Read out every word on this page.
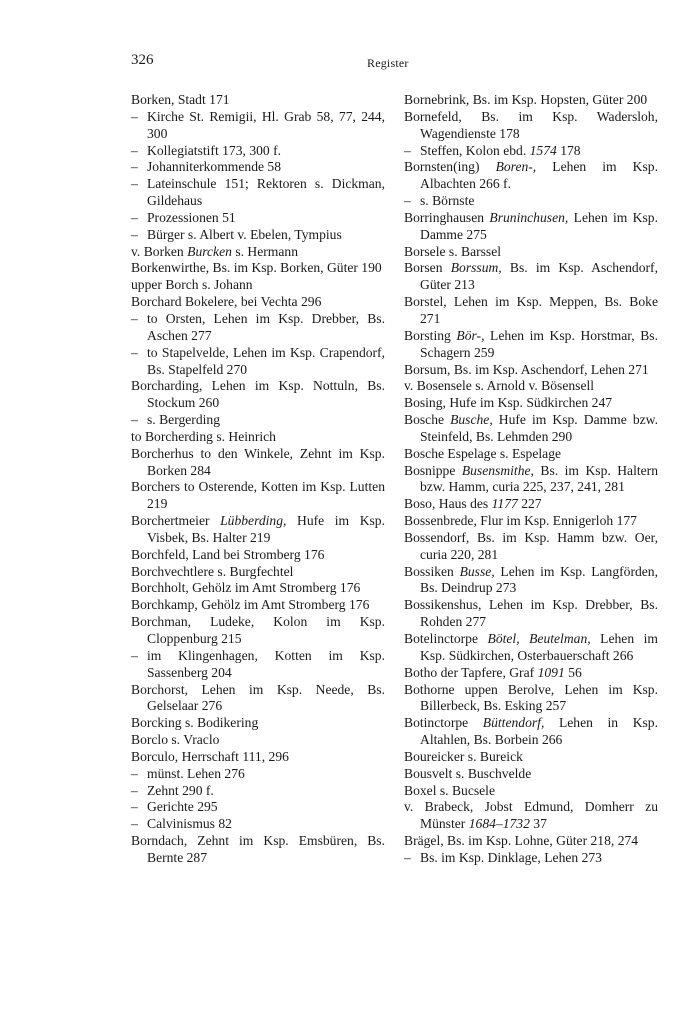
326	Register

Borken, Stadt 171

– Kirche St. Remigii, Hl. Grab 58, 77, 244, 300

– Kollegiatstift 173, 300 f.

– Johanniterkommende 58

– Lateinschule 151; Rektoren s. Dickman, Gildehaus

– Prozessionen 51

– Bürger s. Albert v. Ebelen, Tympius

v. Borken Burcken s. Hermann

Borkenwirthe, Bs. im Ksp. Borken, Güter 190

upper Borch s. Johann

Borchard Bokelere, bei Vechta 296

– to Orsten, Lehen im Ksp. Drebber, Bs. Aschen 277

– to Stapelvelde, Lehen im Ksp. Crapendorf, Bs. Stapelfeld 270

Borcharding, Lehen im Ksp. Nottuln, Bs. Stockum 260

– s. Bergerding

to Borcherding s. Heinrich

Borcherhus to den Winkele, Zehnt im Ksp. Borken 284

Borchers to Osterende, Kotten im Ksp. Lutten 219

Borchertmeier Lübberding, Hufe im Ksp. Visbek, Bs. Halter 219

Borchfeld, Land bei Stromberg 176

Borchvechtlere s. Burgfechtel

Borchholt, Gehölz im Amt Stromberg 176

Borchkamp, Gehölz im Amt Stromberg 176

Borchman, Ludeke, Kolon im Ksp. Cloppenburg 215

– im Klingenhagen, Kotten im Ksp. Sassenberg 204

Borchorst, Lehen im Ksp. Neede, Bs. Gelselaar 276

Borcking s. Bodikering

Borclo s. Vraclo

Borculo, Herrschaft 111, 296

– münst. Lehen 276

– Zehnt 290 f.

– Gerichte 295

– Calvinismus 82

Borndach, Zehnt im Ksp. Emsbüren, Bs. Bernte 287

Bornebrink, Bs. im Ksp. Hopsten, Güter 200

Bornefeld, Bs. im Ksp. Wadersloh, Wagendienste 178

– Steffen, Kolon ebd. 1574 178

Bornsten(ing) Boren-, Lehen im Ksp. Albachten 266 f.

– s. Börnste

Borringhausen Bruninchusen, Lehen im Ksp. Damme 275

Borsele s. Barssel

Borsen Borssum, Bs. im Ksp. Aschendorf, Güter 213

Borstel, Lehen im Ksp. Meppen, Bs. Boke 271

Borsting Bör-, Lehen im Ksp. Horstmar, Bs. Schagern 259

Borsum, Bs. im Ksp. Aschendorf, Lehen 271

v. Bosensele s. Arnold v. Bösensell

Bosing, Hufe im Ksp. Südkirchen 247

Bosche Busche, Hufe im Ksp. Damme bzw. Steinfeld, Bs. Lehmden 290

Bosche Espelage s. Espelage

Bosnippe Busensmithe, Bs. im Ksp. Haltern bzw. Hamm, curia 225, 237, 241, 281

Boso, Haus des 1177 227

Bossenbrede, Flur im Ksp. Ennigerloh 177

Bossendorf, Bs. im Ksp. Hamm bzw. Oer, curia 220, 281

Bossiken Busse, Lehen im Ksp. Langförden, Bs. Deindrup 273

Bossikenshus, Lehen im Ksp. Drebber, Bs. Rohden 277

Botelinctorpe Bötel, Beutelman, Lehen im Ksp. Südkirchen, Osterbauerschaft 266

Botho der Tapfere, Graf 1091 56

Bothorne uppen Berolve, Lehen im Ksp. Billerbeck, Bs. Esking 257

Botinctorpe Büttendorf, Lehen in Ksp. Altahlen, Bs. Borbein 266

Boureicker s. Bureick

Bousvelt s. Buschvelde

Boxel s. Bucsele

v. Brabeck, Jobst Edmund, Domherr zu Münster 1684–1732 37

Brägel, Bs. im Ksp. Lohne, Güter 218, 274

– Bs. im Ksp. Dinklage, Lehen 273
